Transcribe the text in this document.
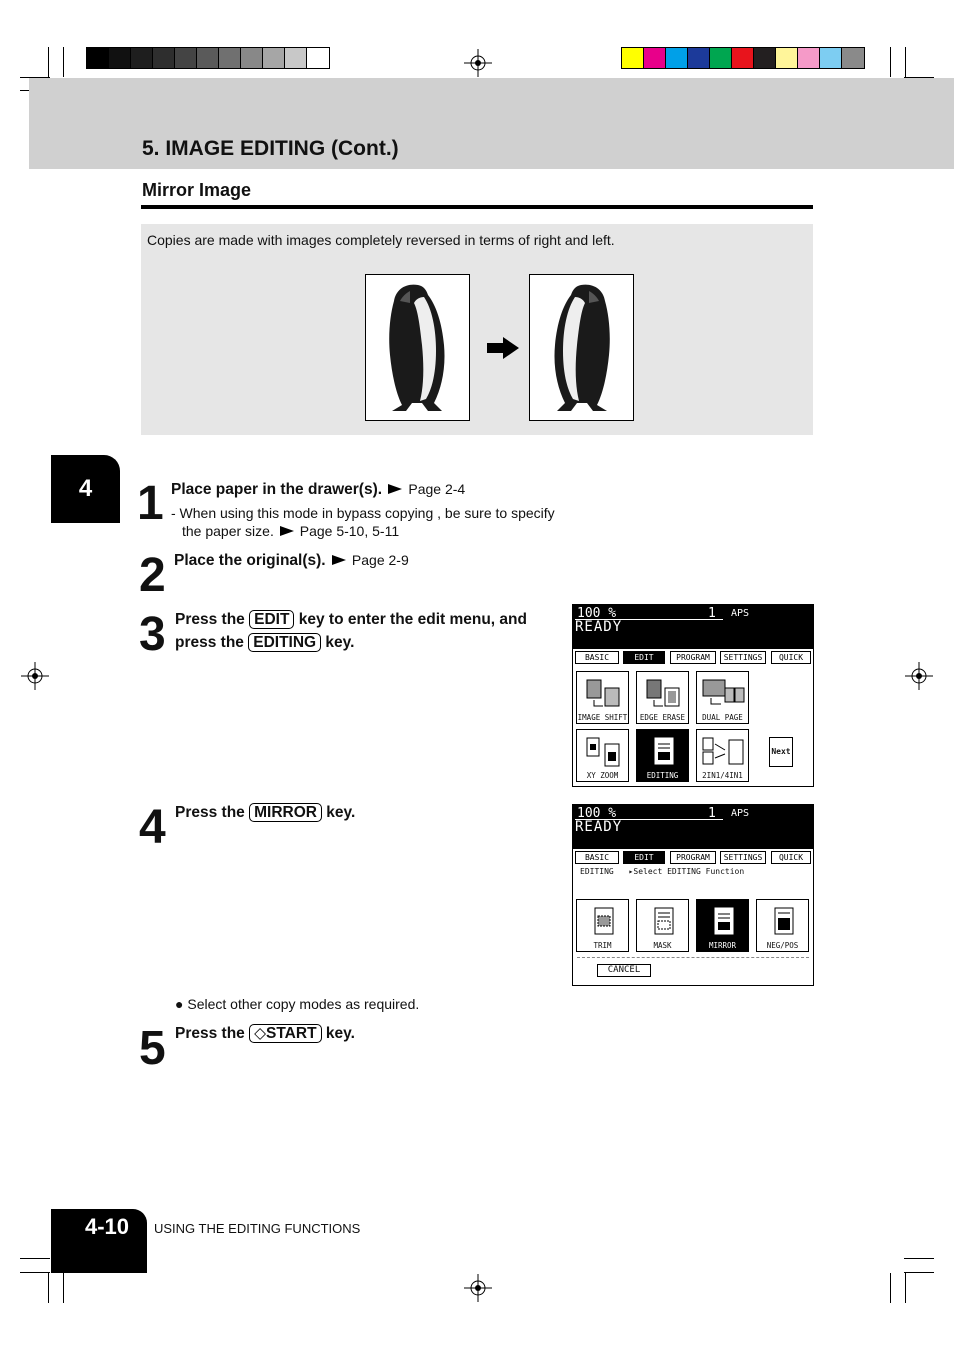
5. IMAGE EDITING (Cont.)
Mirror Image
Copies are made with images completely reversed in terms of right and left.
4 1 Place paper in the drawer(s). Page 2-4
- When using this mode in bypass copying , be sure to specify
the paper size. Page 5-10, 5-11
2 Place the original(s). Page 2-9
3 Press the EDIT key to enter the edit menu, and
press the EDITING key.
100 %	1 APS
READY
BASIC	EDIT	PROGRAM	SETTINGS	QUICK
IMAGE SHIFT	EDGE ERASE	DUAL PAGE
XY ZOOM	EDITING	2IN1/4IN1
Next
4 Press the MIRROR key.	100 %	1 APS
READY
BASIC	EDIT	PROGRAM	SETTINGS	QUICK
EDITING ▸Select EDITING Function
TRIM	MASK	MIRROR	NEG/POS
CANCEL
● Select other copy modes as required.
5 Press the ◇START key.
4-10	USING THE EDITING FUNCTIONS
